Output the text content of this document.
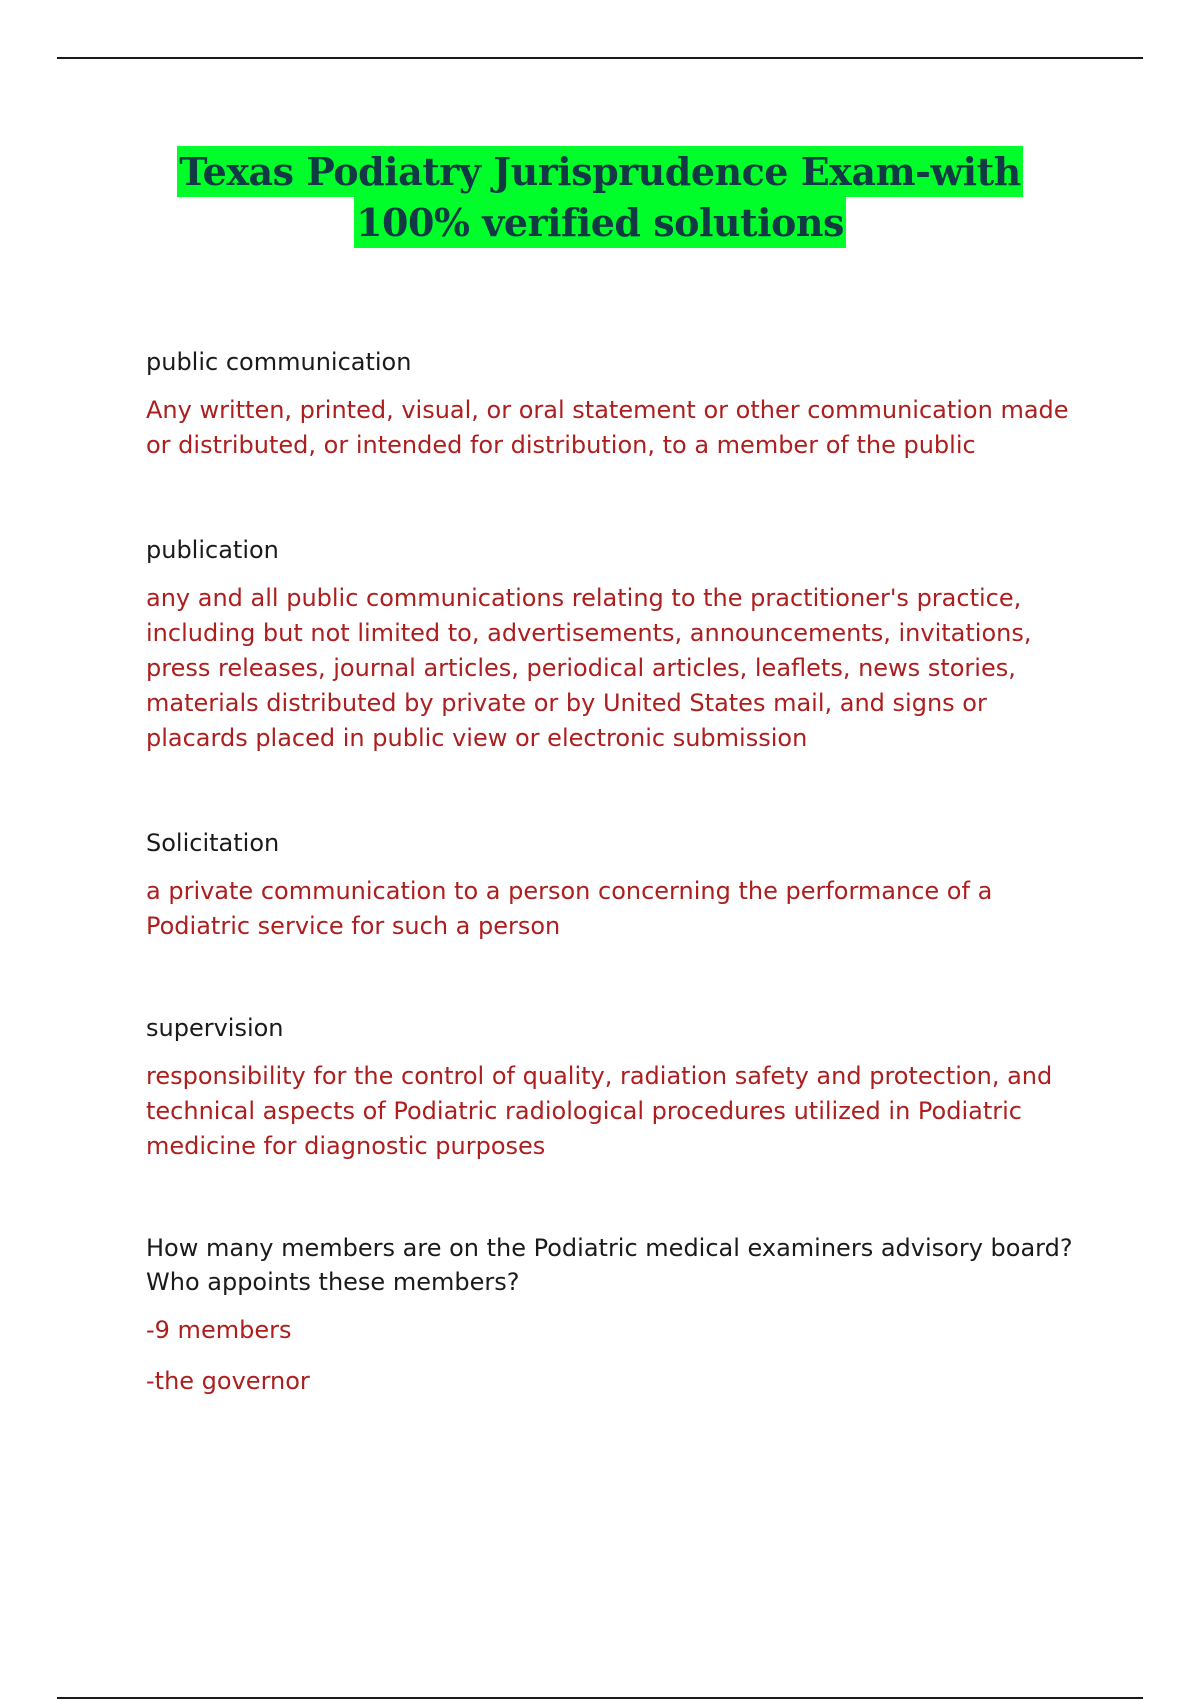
Texas Podiatry Jurisprudence Exam-with
100% verified solutions

public communication

Any written, printed, visual, or oral statement or other communication made or distributed, or intended for distribution, to a member of the public

publication

any and all public communications relating to the practitioner's practice, including but not limited to, advertisements, announcements, invitations, press releases, journal articles, periodical articles, leaflets, news stories, materials distributed by private or by United States mail, and signs or placards placed in public view or electronic submission

Solicitation

a private communication to a person concerning the performance of a Podiatric service for such a person

supervision

responsibility for the control of quality, radiation safety and protection, and technical aspects of Podiatric radiological procedures utilized in Podiatric medicine for diagnostic purposes

How many members are on the Podiatric medical examiners advisory board? Who appoints these members?

-9 members

-the governor
